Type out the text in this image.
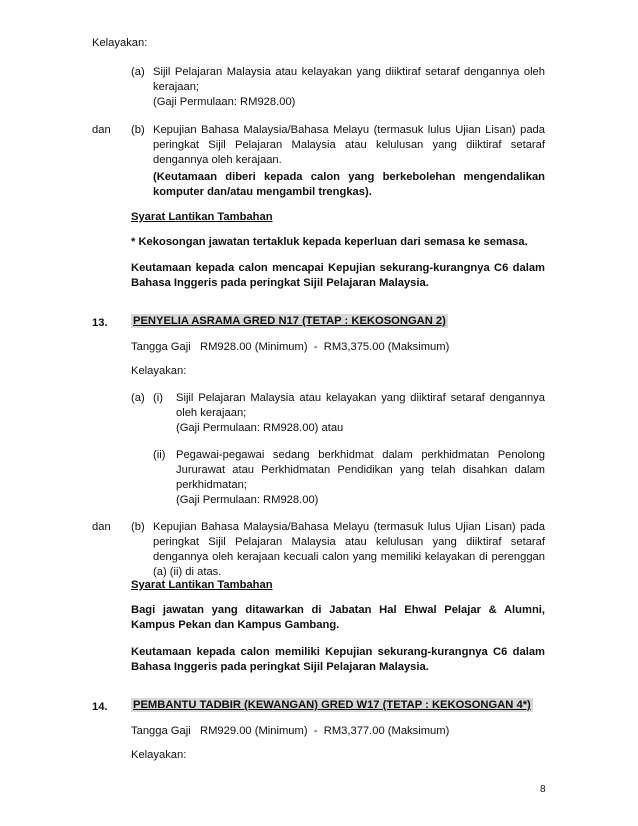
Kelayakan:
(a) Sijil Pelajaran Malaysia atau kelayakan yang diiktiraf setaraf dengannya oleh kerajaan;
(Gaji Permulaan: RM928.00)
dan (b) Kepujian Bahasa Malaysia/Bahasa Melayu (termasuk lulus Ujian Lisan) pada peringkat Sijil Pelajaran Malaysia atau kelulusan yang diiktiraf setaraf dengannya oleh kerajaan.
(Keutamaan diberi kepada calon yang berkebolehan mengendalikan komputer dan/atau mengambil trengkas).
Syarat Lantikan Tambahan
* Kekosongan jawatan tertakluk kepada keperluan dari semasa ke semasa.
Keutamaan kepada calon mencapai Kepujian sekurang-kurangnya C6 dalam Bahasa Inggeris pada peringkat Sijil Pelajaran Malaysia.
13. PENYELIA ASRAMA GRED N17 (TETAP : KEKOSONGAN 2)
Tangga Gaji   RM928.00 (Minimum)  -  RM3,375.00 (Maksimum)
Kelayakan:
(a) (i) Sijil Pelajaran Malaysia atau kelayakan yang diiktiraf setaraf dengannya oleh kerajaan;
(Gaji Permulaan: RM928.00) atau
(ii) Pegawai-pegawai sedang berkhidmat dalam perkhidmatan Penolong Jururawat atau Perkhidmatan Pendidikan yang telah disahkan dalam perkhidmatan;
(Gaji Permulaan: RM928.00)
dan (b) Kepujian Bahasa Malaysia/Bahasa Melayu (termasuk lulus Ujian Lisan) pada peringkat Sijil Pelajaran Malaysia atau kelulusan yang diiktiraf setaraf dengannya oleh kerajaan kecuali calon yang memiliki kelayakan di perenggan (a) (ii) di atas.
Syarat Lantikan Tambahan
Bagi jawatan yang ditawarkan di Jabatan Hal Ehwal Pelajar & Alumni, Kampus Pekan dan Kampus Gambang.
Keutamaan kepada calon memiliki Kepujian sekurang-kurangnya C6 dalam Bahasa Inggeris pada peringkat Sijil Pelajaran Malaysia.
14. PEMBANTU TADBIR (KEWANGAN) GRED W17 (TETAP : KEKOSONGAN 4*)
Tangga Gaji   RM929.00 (Minimum)  -  RM3,377.00 (Maksimum)
Kelayakan:
8
